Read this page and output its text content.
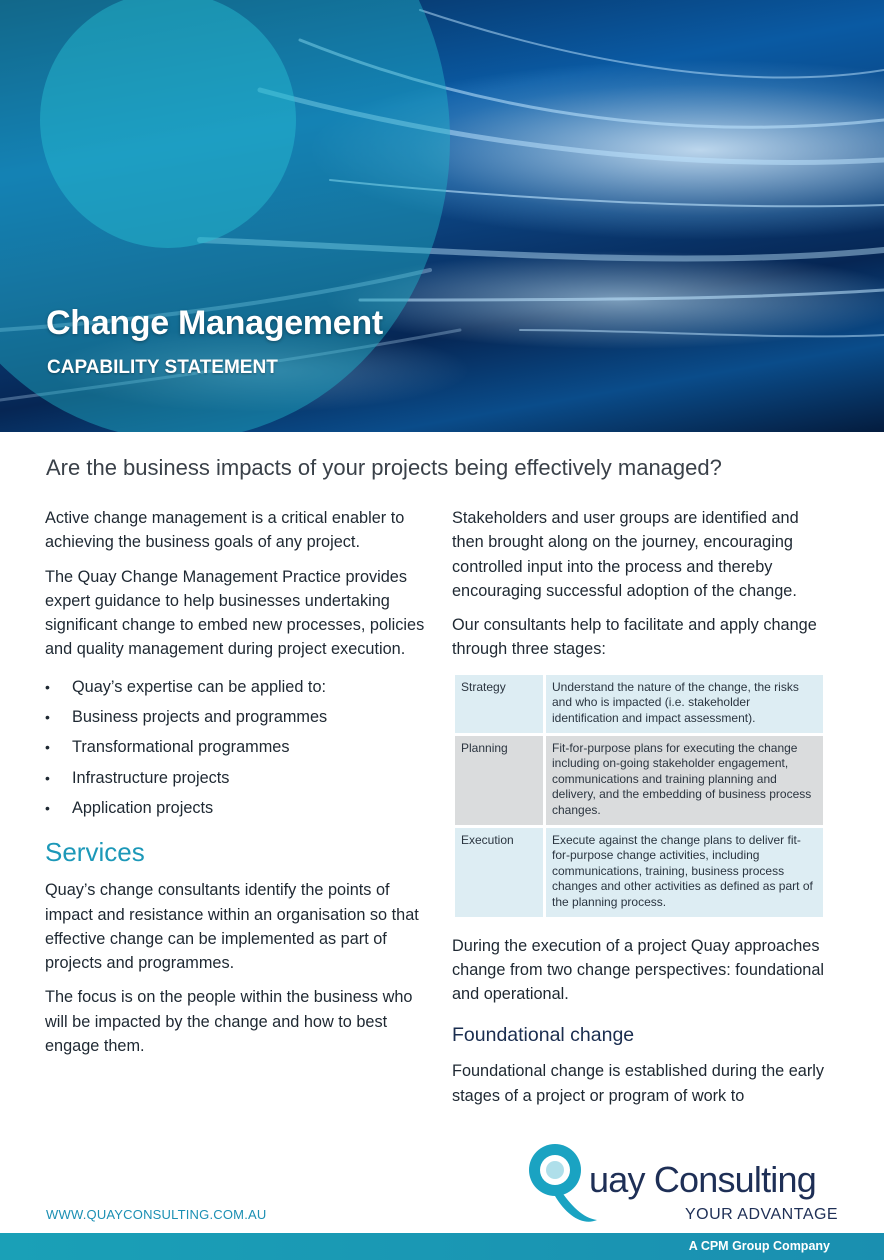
Change Management
CAPABILITY STATEMENT
Are the business impacts of your projects being effectively managed?

Active change management is a critical enabler to achieving the business goals of any project.

The Quay Change Management Practice provides expert guidance to help businesses undertaking significant change to embed new processes, policies and quality management during project execution.

• Quay’s expertise can be applied to:
• Business projects and programmes
• Transformational programmes
• Infrastructure projects
• Application projects
Services

Quay’s change consultants identify the points of impact and resistance within an organisation so that effective change can be implemented as part of projects and programmes.

The focus is on the people within the business who will be impacted by the change and how to best engage them.

Stakeholders and user groups are identified and then brought along on the journey, encouraging controlled input into the process and thereby encouraging successful adoption of the change.

Our consultants help to facilitate and apply change through three stages:

Strategy	Understand the nature of the change, the risks and who is impacted (i.e. stakeholder identification and impact assessment).
Planning	Fit-for-purpose plans for executing the change including on-going stakeholder engagement, communications and training planning and delivery, and the embedding of business process changes.
Execution	Execute against the change plans to deliver fit-for-purpose change activities, including communications, training, business process changes and other activities as defined as part of the planning process.

During the execution of a project Quay approaches change from two change perspectives: foundational and operational.

Foundational change

Foundational change is established during the early stages of a project or program of work to

WWW.QUAYCONSULTING.COM.AU
uay Consulting
YOUR ADVANTAGE
A CPM Group Company
